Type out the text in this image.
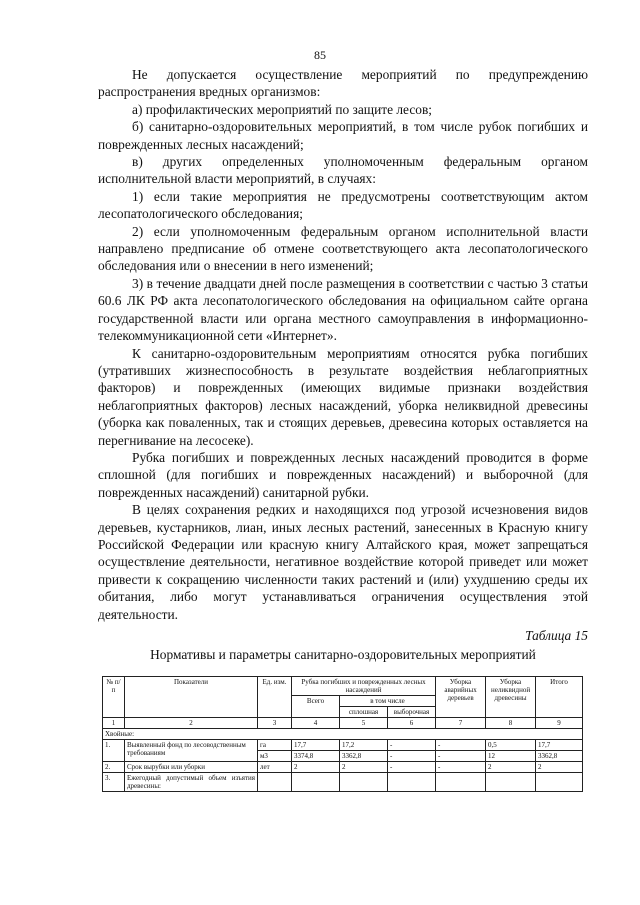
85

Не допускается осуществление мероприятий по предупреждению распространения вредных организмов:

а) профилактических мероприятий по защите лесов;

б) санитарно-оздоровительных мероприятий, в том числе рубок погибших и поврежденных лесных насаждений;

в) других определенных уполномоченным федеральным органом исполнительной власти мероприятий, в случаях:

1) если такие мероприятия не предусмотрены соответствующим актом лесопатологического обследования;

2) если уполномоченным федеральным органом исполнительной власти направлено предписание об отмене соответствующего акта лесопатологического обследования или о внесении в него изменений;

3) в течение двадцати дней после размещения в соответствии с частью 3 статьи 60.6 ЛК РФ акта лесопатологического обследования на официальном сайте органа государственной власти или органа местного самоуправления в информационно-телекоммуникационной сети «Интернет».

К санитарно-оздоровительным мероприятиям относятся рубка погибших (утративших жизнеспособность в результате воздействия неблагоприятных факторов) и поврежденных (имеющих видимые признаки воздействия неблагоприятных факторов) лесных насаждений, уборка неликвидной древесины (уборка как поваленных, так и стоящих деревьев, древесина которых оставляется на перегнивание на лесосеке).

Рубка погибших и поврежденных лесных насаждений проводится в форме сплошной (для погибших и поврежденных насаждений) и выборочной (для поврежденных насаждений) санитарной рубки.

В целях сохранения редких и находящихся под угрозой исчезновения видов деревьев, кустарников, лиан, иных лесных растений, занесенных в Красную книгу Российской Федерации или красную книгу Алтайского края, может запрещаться осуществление деятельности, негативное воздействие которой приведет или может привести к сокращению численности таких растений и (или) ухудшению среды их обитания, либо могут устанавливаться ограничения осуществления этой деятельности.

Таблица 15
Нормативы и параметры санитарно-оздоровительных мероприятий
№ п/п	Показатели	Ед. изм.	Рубка погибших и поврежденных лесных насаждений			Уборка аварийных деревьев	Уборка неликвидной древесины	Итого
			Всего	в том числе				
				сплошная	выборочная			
1	2	3	4	5	6	7	8	9
Хвойные:								
1.	Выявленный фонд по лесоводственным требованиям	га	17,7	17,2	-	-	0,5	17,7
		м3	3374,8	3362,8	-	-	12	3362,8
2.	Срок вырубки или уборки	лет	2	2	-	-	2	2
3.	Ежегодный допустимый объем изъятия древесины:							
